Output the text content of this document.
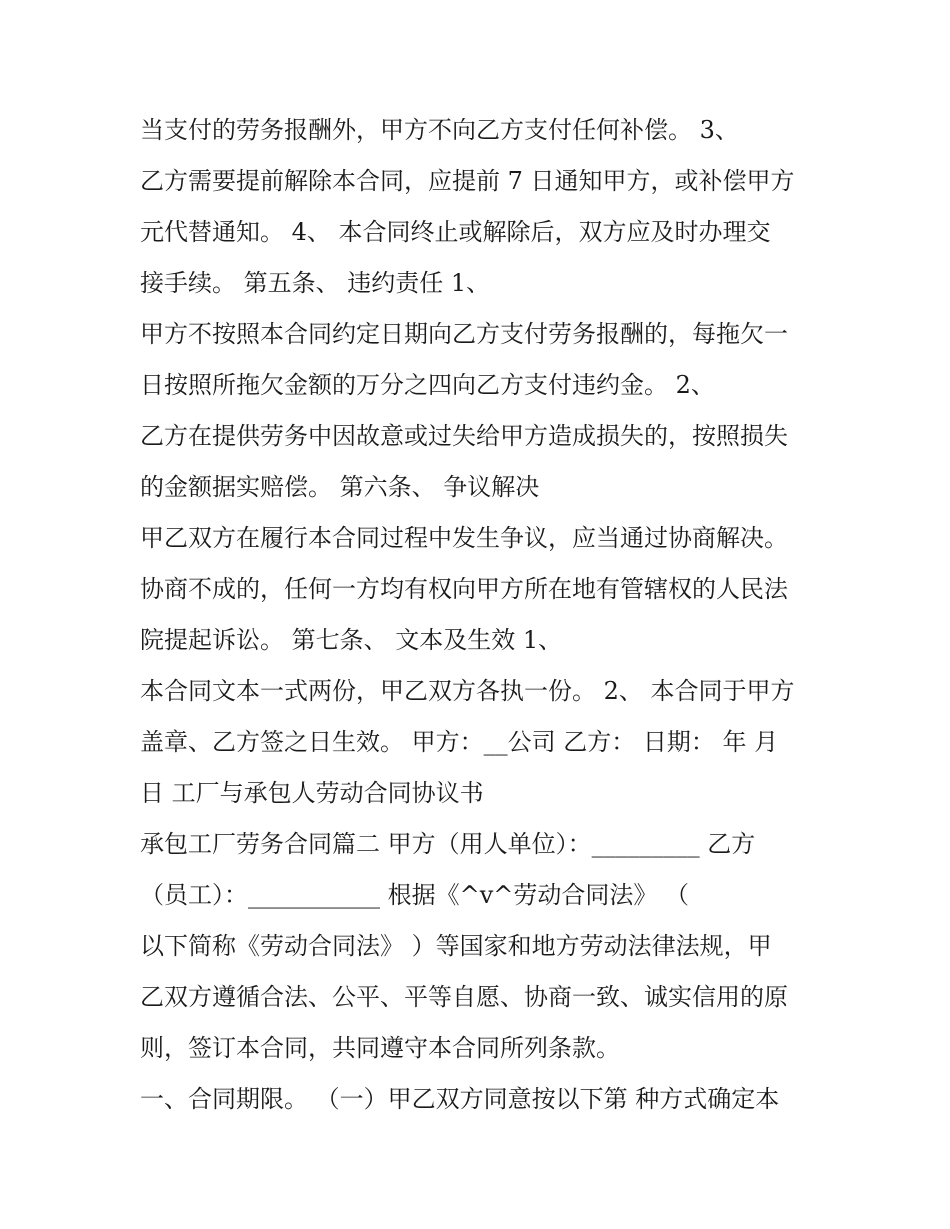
当支付的劳务报酬外，甲方不向乙方支付任何补偿。 3、
乙方需要提前解除本合同，应提前 7 日通知甲方，或补偿甲方
元代替通知。 4、 本合同终止或解除后，双方应及时办理交
接手续。 第五条、 违约责任 1、
甲方不按照本合同约定日期向乙方支付劳务报酬的，每拖欠一
日按照所拖欠金额的万分之四向乙方支付违约金。 2、
乙方在提供劳务中因故意或过失给甲方造成损失的，按照损失
的金额据实赔偿。 第六条、 争议解决
甲乙双方在履行本合同过程中发生争议，应当通过协商解决。
协商不成的，任何一方均有权向甲方所在地有管辖权的人民法
院提起诉讼。 第七条、 文本及生效 1、
本合同文本一式两份，甲乙双方各执一份。 2、 本合同于甲方
盖章、乙方签之日生效。 甲方：__公司 乙方： 日期： 年 月
日 工厂与承包人劳动合同协议书
承包工厂劳务合同篇二 甲方（用人单位）：_________ 乙方
（员工）：___________ 根据《^v^劳动合同法》 （
以下简称《劳动合同法》 ）等国家和地方劳动法律法规，甲
乙双方遵循合法、公平、平等自愿、协商一致、诚实信用的原
则，签订本合同，共同遵守本合同所列条款。
一、合同期限。 （一）甲乙双方同意按以下第 种方式确定本
